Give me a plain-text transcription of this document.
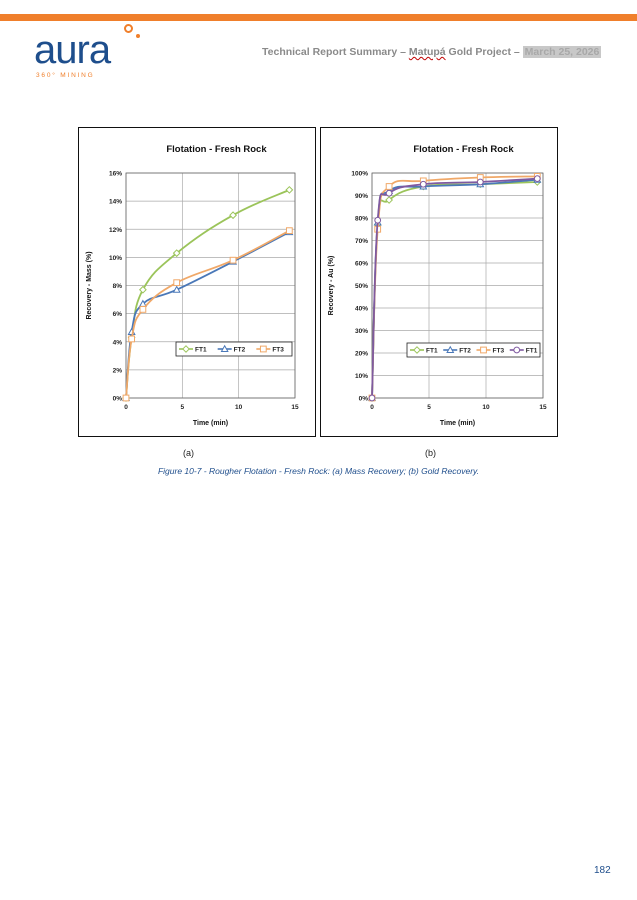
aura
360° MINING
Technical Report Summary – Matupá Gold Project – March 25, 2026
Flotation - Fresh Rock
0%
2%
4%
6%
8%
10%
12%
14%
16%
0	5	10	15
Time (min)
Recovery - Mass (%)
FT1	FT2	FT3
Flotation - Fresh Rock
0%
10%
20%
30%
40%
50%
60%
70%
80%
90%
100%
0	5	10	15
Time (min)
Recovery - Au (%)
FT1	FT2	FT3	FT1
(a)	(b)
Figure 10-7 - Rougher Flotation - Fresh Rock: (a) Mass Recovery; (b) Gold Recovery.
182
